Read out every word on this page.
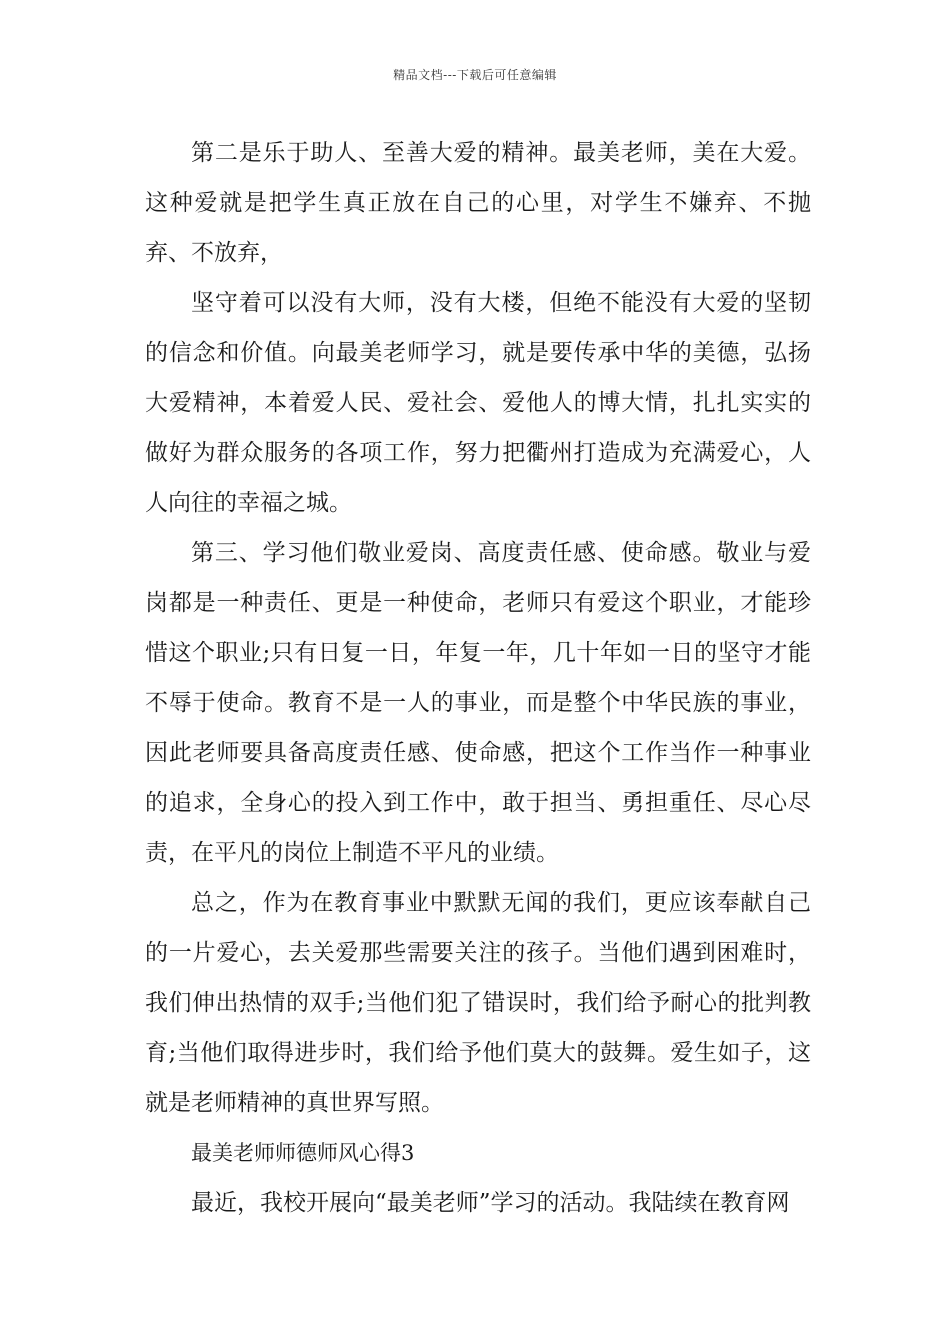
精品文档---下载后可任意编辑

第二是乐于助人、至善大爱的精神。最美老师，美在大爱。这种爱就是把学生真正放在自己的心里，对学生不嫌弃、不抛弃、不放弃，

坚守着可以没有大师，没有大楼，但绝不能没有大爱的坚韧的信念和价值。向最美老师学习，就是要传承中华的美德，弘扬大爱精神，本着爱人民、爱社会、爱他人的博大情，扎扎实实的做好为群众服务的各项工作，努力把衢州打造成为充满爱心，人人向往的幸福之城。

第三、学习他们敬业爱岗、高度责任感、使命感。敬业与爱岗都是一种责任、更是一种使命，老师只有爱这个职业，才能珍惜这个职业;只有日复一日，年复一年，几十年如一日的坚守才能不辱于使命。教育不是一人的事业，而是整个中华民族的事业，因此老师要具备高度责任感、使命感，把这个工作当作一种事业的追求，全身心的投入到工作中，敢于担当、勇担重任、尽心尽责，在平凡的岗位上制造不平凡的业绩。

总之，作为在教育事业中默默无闻的我们，更应该奉献自己的一片爱心，去关爱那些需要关注的孩子。当他们遇到困难时，我们伸出热情的双手;当他们犯了错误时，我们给予耐心的批判教育;当他们取得进步时，我们给予他们莫大的鼓舞。爱生如子，这就是老师精神的真世界写照。

最美老师师德师风心得3

最近，我校开展向“最美老师”学习的活动。我陆续在教育网
